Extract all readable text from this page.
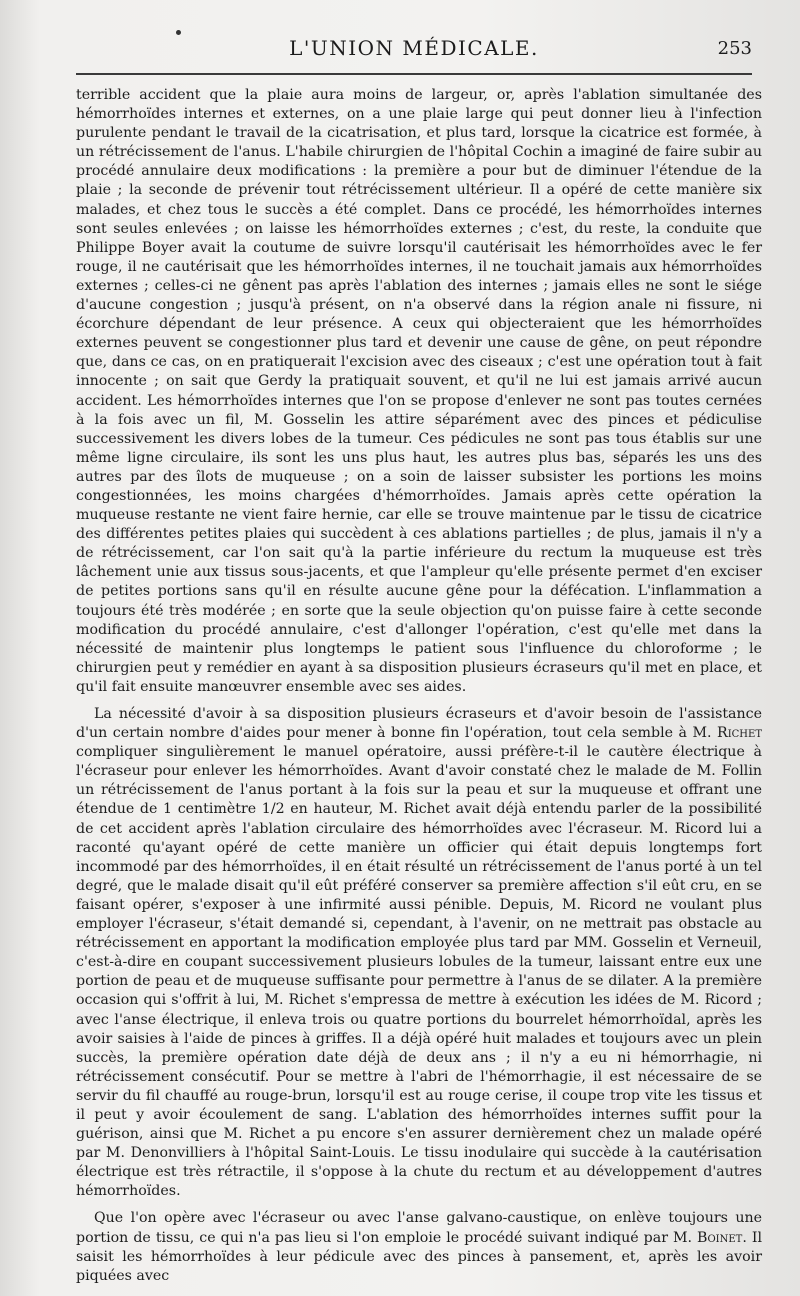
L'UNION MÉDICALE.	253

terrible accident que la plaie aura moins de largeur, or, après l'ablation simultanée des hémorrhoïdes internes et externes, on a une plaie large qui peut donner lieu à l'infection purulente pendant le travail de la cicatrisation, et plus tard, lorsque la cicatrice est formée, à un rétrécissement de l'anus. L'habile chirurgien de l'hôpital Cochin a imaginé de faire subir au procédé annulaire deux modifications : la première a pour but de diminuer l'étendue de la plaie ; la seconde de prévenir tout rétrécissement ultérieur. Il a opéré de cette manière six malades, et chez tous le succès a été complet. Dans ce procédé, les hémorrhoïdes internes sont seules enlevées ; on laisse les hémorrhoïdes externes ; c'est, du reste, la conduite que Philippe Boyer avait la coutume de suivre lorsqu'il cautérisait les hémorrhoïdes avec le fer rouge, il ne cautérisait que les hémorrhoïdes internes, il ne touchait jamais aux hémorrhoïdes externes ; celles-ci ne gênent pas après l'ablation des internes ; jamais elles ne sont le siége d'aucune congestion ; jusqu'à présent, on n'a observé dans la région anale ni fissure, ni écorchure dépendant de leur présence. A ceux qui objecteraient que les hémorrhoïdes externes peuvent se congestionner plus tard et devenir une cause de gêne, on peut répondre que, dans ce cas, on en pratiquerait l'excision avec des ciseaux ; c'est une opération tout à fait innocente ; on sait que Gerdy la pratiquait souvent, et qu'il ne lui est jamais arrivé aucun accident. Les hémorrhoïdes internes que l'on se propose d'enlever ne sont pas toutes cernées à la fois avec un fil, M. Gosselin les attire séparément avec des pinces et pédiculise successivement les divers lobes de la tumeur. Ces pédicules ne sont pas tous établis sur une même ligne circulaire, ils sont les uns plus haut, les autres plus bas, séparés les uns des autres par des îlots de muqueuse ; on a soin de laisser subsister les portions les moins congestionnées, les moins chargées d'hémorrhoïdes. Jamais après cette opération la muqueuse restante ne vient faire hernie, car elle se trouve maintenue par le tissu de cicatrice des différentes petites plaies qui succèdent à ces ablations partielles ; de plus, jamais il n'y a de rétrécissement, car l'on sait qu'à la partie inférieure du rectum la muqueuse est très lâchement unie aux tissus sous-jacents, et que l'ampleur qu'elle présente permet d'en exciser de petites portions sans qu'il en résulte aucune gêne pour la défécation. L'inflammation a toujours été très modérée ; en sorte que la seule objection qu'on puisse faire à cette seconde modification du procédé annulaire, c'est d'allonger l'opération, c'est qu'elle met dans la nécessité de maintenir plus longtemps le patient sous l'influence du chloroforme ; le chirurgien peut y remédier en ayant à sa disposition plusieurs écraseurs qu'il met en place, et qu'il fait ensuite manœuvrer ensemble avec ses aides.

La nécessité d'avoir à sa disposition plusieurs écraseurs et d'avoir besoin de l'assistance d'un certain nombre d'aides pour mener à bonne fin l'opération, tout cela semble à M. Richet compliquer singulièrement le manuel opératoire, aussi préfère-t-il le cautère électrique à l'écraseur pour enlever les hémorrhoïdes. Avant d'avoir constaté chez le malade de M. Follin un rétrécissement de l'anus portant à la fois sur la peau et sur la muqueuse et offrant une étendue de 1 centimètre 1/2 en hauteur, M. Richet avait déjà entendu parler de la possibilité de cet accident après l'ablation circulaire des hémorrhoïdes avec l'écraseur. M. Ricord lui a raconté qu'ayant opéré de cette manière un officier qui était depuis longtemps fort incommodé par des hémorrhoïdes, il en était résulté un rétrécissement de l'anus porté à un tel degré, que le malade disait qu'il eût préféré conserver sa première affection s'il eût cru, en se faisant opérer, s'exposer à une infirmité aussi pénible. Depuis, M. Ricord ne voulant plus employer l'écraseur, s'était demandé si, cependant, à l'avenir, on ne mettrait pas obstacle au rétrécissement en apportant la modification employée plus tard par MM. Gosselin et Verneuil, c'est-à-dire en coupant successivement plusieurs lobules de la tumeur, laissant entre eux une portion de peau et de muqueuse suffisante pour permettre à l'anus de se dilater. A la première occasion qui s'offrit à lui, M. Richet s'empressa de mettre à exécution les idées de M. Ricord ; avec l'anse électrique, il enleva trois ou quatre portions du bourrelet hémorrhoïdal, après les avoir saisies à l'aide de pinces à griffes. Il a déjà opéré huit malades et toujours avec un plein succès, la première opération date déjà de deux ans ; il n'y a eu ni hémorrhagie, ni rétrécissement consécutif. Pour se mettre à l'abri de l'hémorrhagie, il est nécessaire de se servir du fil chauffé au rouge-brun, lorsqu'il est au rouge cerise, il coupe trop vite les tissus et il peut y avoir écoulement de sang. L'ablation des hémorrhoïdes internes suffit pour la guérison, ainsi que M. Richet a pu encore s'en assurer dernièrement chez un malade opéré par M. Denonvilliers à l'hôpital Saint-Louis. Le tissu inodulaire qui succède à la cautérisation électrique est très rétractile, il s'oppose à la chute du rectum et au développement d'autres hémorrhoïdes.

Que l'on opère avec l'écraseur ou avec l'anse galvano-caustique, on enlève toujours une portion de tissu, ce qui n'a pas lieu si l'on emploie le procédé suivant indiqué par M. Boinet. Il saisit les hémorrhoïdes à leur pédicule avec des pinces à pansement, et, après les avoir piquées avec
